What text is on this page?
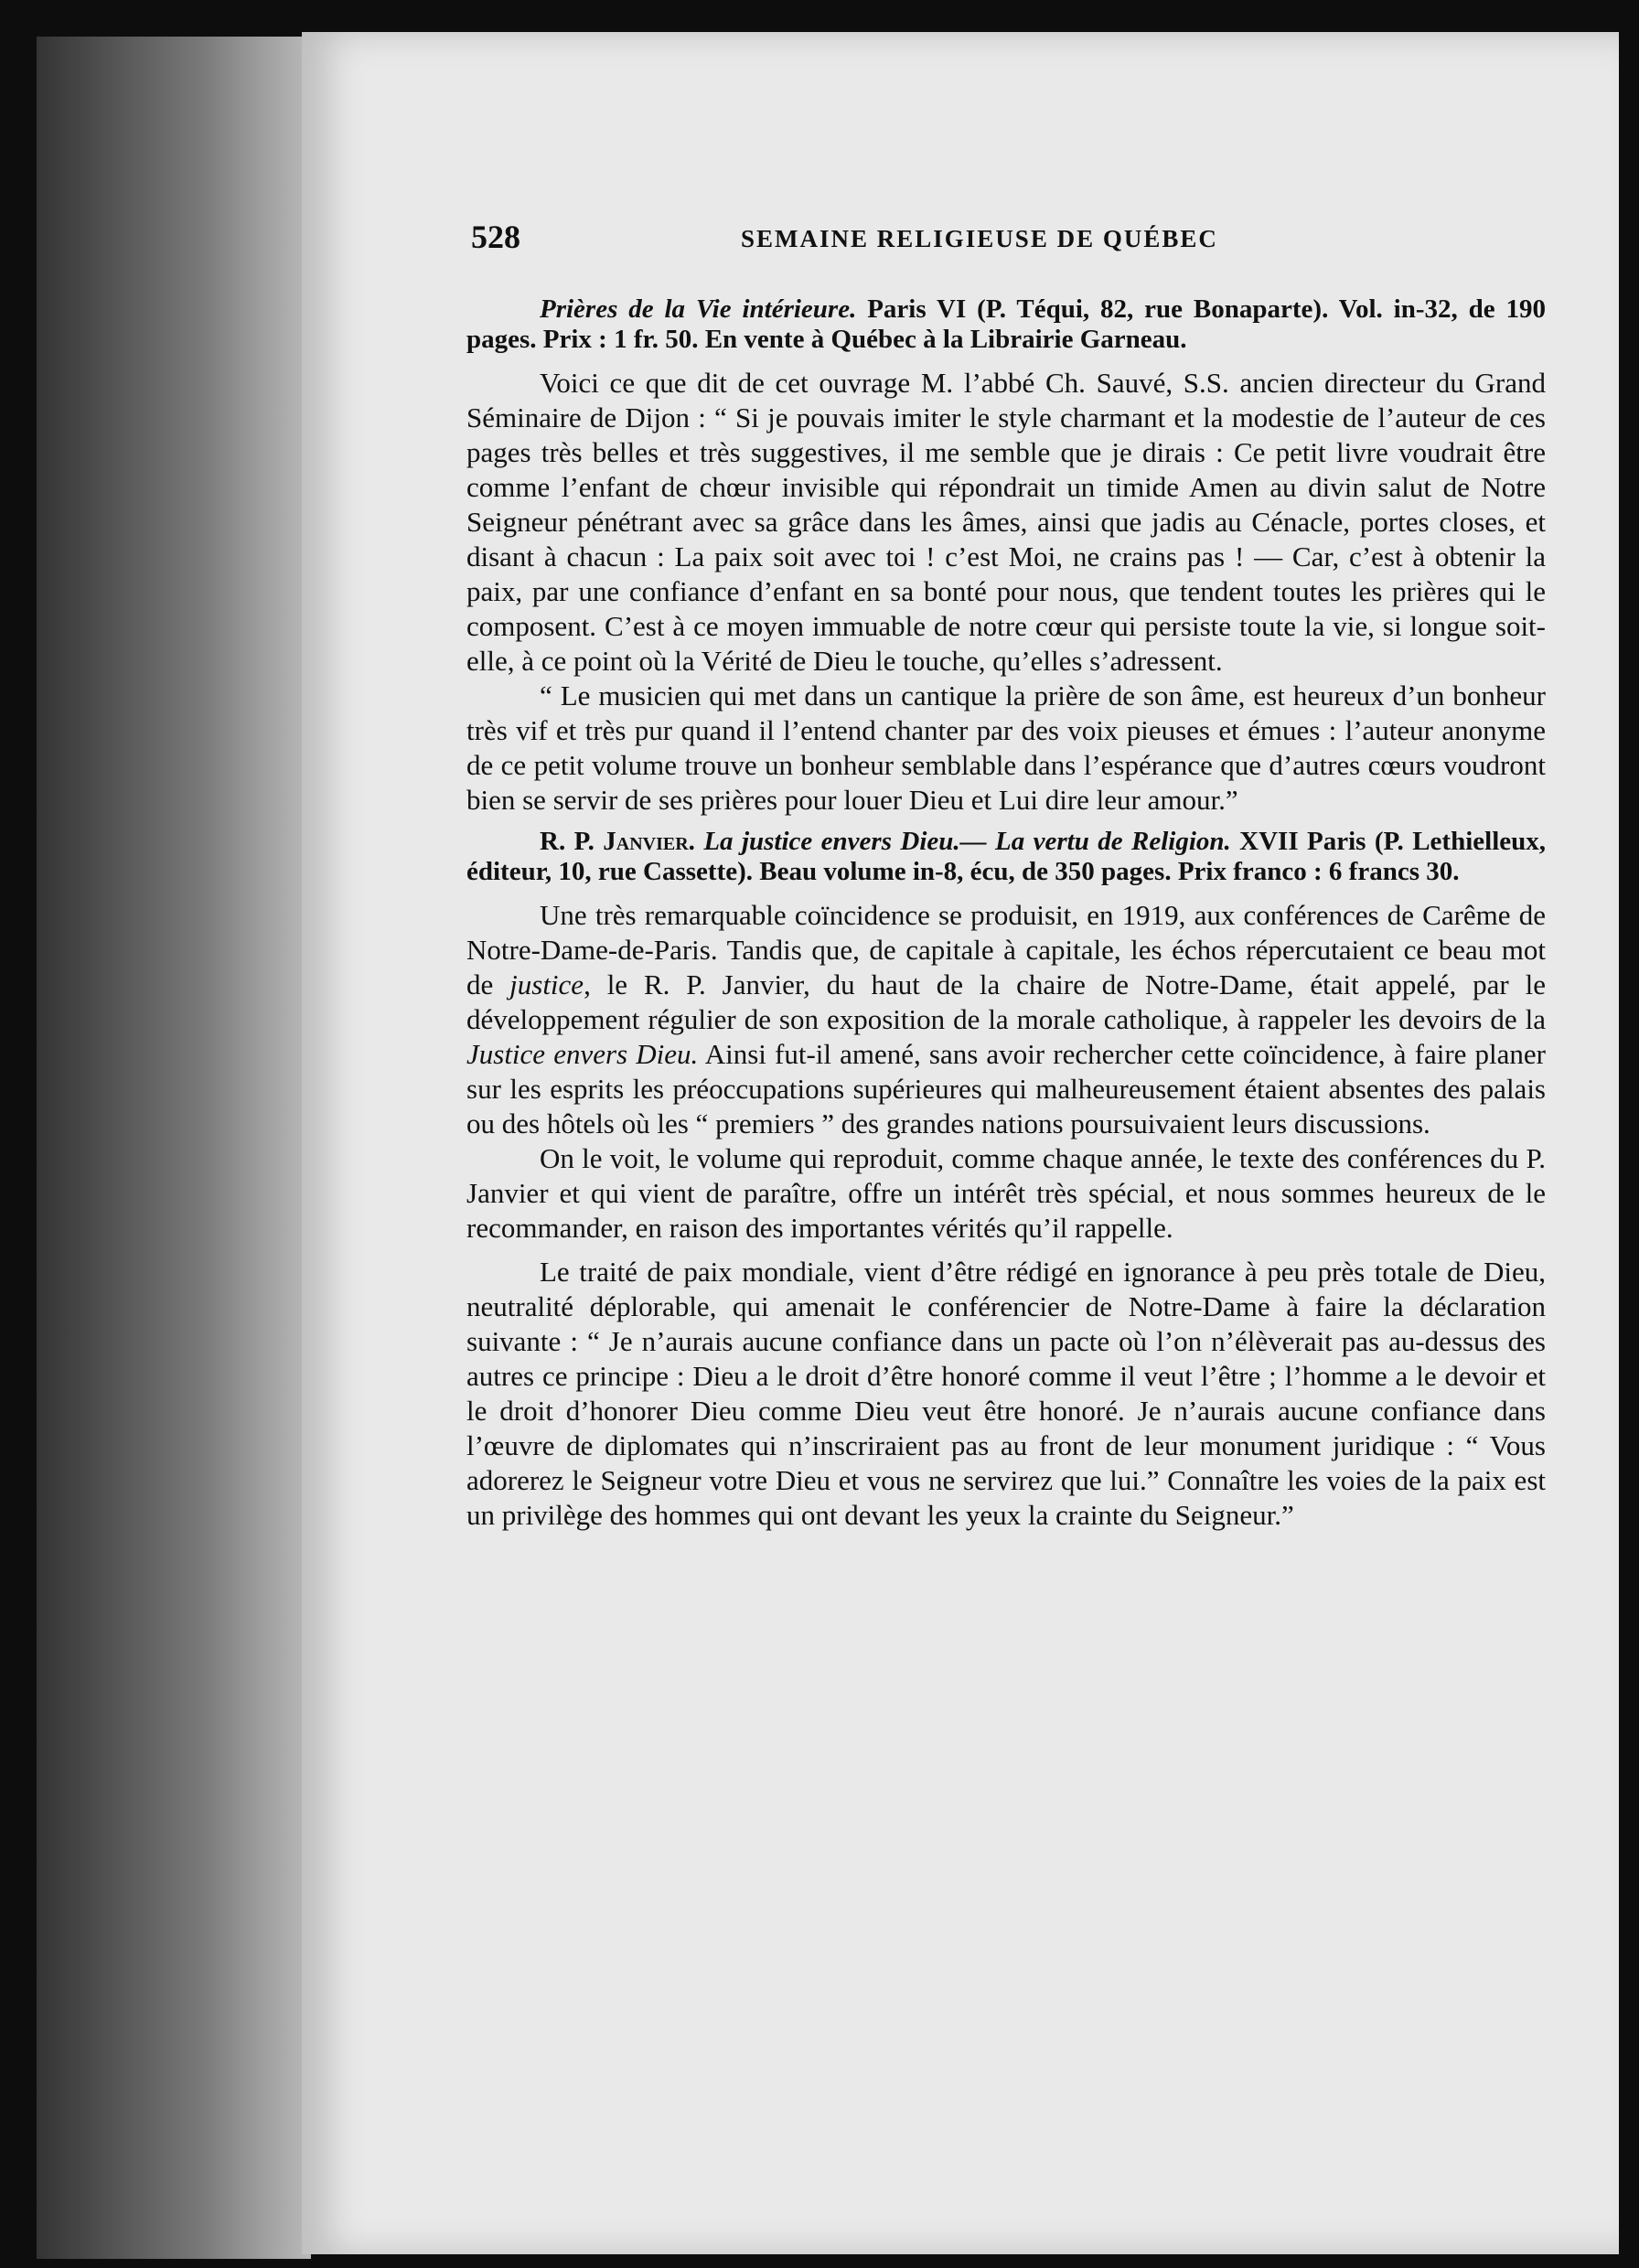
528	SEMAINE RELIGIEUSE DE QUÉBEC
Prières de la Vie intérieure. Paris VI (P. Téqui, 82, rue Bonaparte). Vol. in-32, de 190 pages. Prix : 1 fr. 50. En vente à Québec à la Librairie Garneau.

Voici ce que dit de cet ouvrage M. l’abbé Ch. Sauvé, S.S. ancien directeur du Grand Séminaire de Dijon : “ Si je pouvais imiter le style charmant et la modestie de l’auteur de ces pages très belles et très suggestives, il me semble que je dirais : Ce petit livre voudrait être comme l’enfant de chœur invisible qui répondrait un timide Amen au divin salut de Notre Seigneur pénétrant avec sa grâce dans les âmes, ainsi que jadis au Cénacle, portes closes, et disant à chacun : La paix soit avec toi ! c’est Moi, ne crains pas ! — Car, c’est à obtenir la paix, par une confiance d’enfant en sa bonté pour nous, que tendent toutes les prières qui le composent. C’est à ce moyen immuable de notre cœur qui persiste toute la vie, si longue soit-elle, à ce point où la Vérité de Dieu le touche, qu’elles s’adressent.

“ Le musicien qui met dans un cantique la prière de son âme, est heureux d’un bonheur très vif et très pur quand il l’entend chanter par des voix pieuses et émues : l’auteur anonyme de ce petit volume trouve un bonheur semblable dans l’espérance que d’autres cœurs voudront bien se servir de ses prières pour louer Dieu et Lui dire leur amour.”

R. P. Janvier. La justice envers Dieu.— La vertu de Religion. XVII Paris (P. Lethielleux, éditeur, 10, rue Cassette). Beau volume in-8, écu, de 350 pages. Prix franco : 6 francs 30.

Une très remarquable coïncidence se produisit, en 1919, aux conférences de Carême de Notre-Dame-de-Paris. Tandis que, de capitale à capitale, les échos répercutaient ce beau mot de justice, le R. P. Janvier, du haut de la chaire de Notre-Dame, était appelé, par le développement régulier de son exposition de la morale catholique, à rappeler les devoirs de la Justice envers Dieu. Ainsi fut-il amené, sans avoir rechercher cette coïncidence, à faire planer sur les esprits les préoccupations supérieures qui malheureusement étaient absentes des palais ou des hôtels où les “ premiers ” des grandes nations poursuivaient leurs discussions.

On le voit, le volume qui reproduit, comme chaque année, le texte des conférences du P. Janvier et qui vient de paraître, offre un intérêt très spécial, et nous sommes heureux de le recommander, en raison des importantes vérités qu’il rappelle.

Le traité de paix mondiale, vient d’être rédigé en ignorance à peu près totale de Dieu, neutralité déplorable, qui amenait le conférencier de Notre-Dame à faire la déclaration suivante : “ Je n’aurais aucune confiance dans un pacte où l’on n’élèverait pas au-dessus des autres ce principe : Dieu a le droit d’être honoré comme il veut l’être ; l’homme a le devoir et le droit d’honorer Dieu comme Dieu veut être honoré. Je n’aurais aucune confiance dans l’œuvre de diplomates qui n’inscriraient pas au front de leur monument juridique : “ Vous adorerez le Seigneur votre Dieu et vous ne servirez que lui.” Connaître les voies de la paix est un privilège des hommes qui ont devant les yeux la crainte du Seigneur.”
